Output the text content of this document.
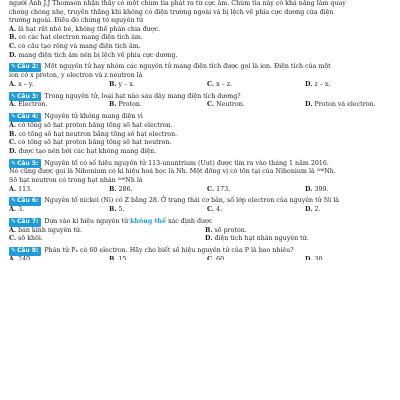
người Anh J.J Thomson nhận thấy có một chùm tia phát ra từ cực âm. Chùm tia này có khả năng làm quay
chong chóng nhẹ, truyền thẳng khi không có điện trường ngoài và bị lệch về phía cực dương của điện
trường ngoài. Điều đó chứng tỏ nguyên tử
A. là hạt rất nhỏ bé, không thể phân chia được.
B. có các hạt electron mang điện tích âm.
C. có cấu tạo rỗng và mang điện tích âm.
D. mang điện tích âm nên bị lệch về phía cực dương.
✎ Câu 2: Một nguyên tử hay nhóm các nguyên tử mang điện tích được gọi là ion. Điện tích của một
ion có x proton, y electron và z neutron là
A. x – y.	B. y – x.	C. x – z.	D. z – x.
✎ Câu 3: Trong nguyên tử, loại hạt nào sau đây mang điện tích dương?
A. Electron.	B. Proton.	C. Neutron.	D. Proton và electron.
✎ Câu 4: Nguyên tử không mang điện vì
A. có tổng số hạt proton bằng tổng số hạt electron.
B. có tổng số hạt neutron bằng tổng số hạt electron.
C. có tổng số hạt proton bằng tổng số hạt neutron.
D. được tạo nên bởi các hạt không mang điện.
✎ Câu 5: Nguyên tố có số hiệu nguyên tử 113-ununtrium (Uut) được tìm ra vào tháng 1 năm 2016.
Nó cũng được gọi là Nihonium có kí hiệu hoá học là Nh. Một đồng vị có tồn tại của Nihonium là ²⁸⁶Nh.
Số hạt neutron có trong hạt nhân ²⁸⁶Nh là
A. 113.	B. 286.	C. 173.	D. 399.
✎ Câu 6: Nguyên tố nickel (Ni) có Z bằng 28. Ở trạng thái cơ bản, số lớp electron của nguyên tử Ni là
A. 3.	B. 5.	C. 4.	D. 2.
✎ Câu 7: Dựa vào kí hiệu nguyên tử không thể xác định được
A. bán kính nguyên tử.	B. số proton.
C. số khối.	D. điện tích hạt nhân nguyên tử.
✎ Câu 8: Phân tử Pₓ có 60 electron. Hãy cho biết số hiệu nguyên tử của P là bao nhiêu?
A. 240.	B. 15.	C. 60.	D. 30.
